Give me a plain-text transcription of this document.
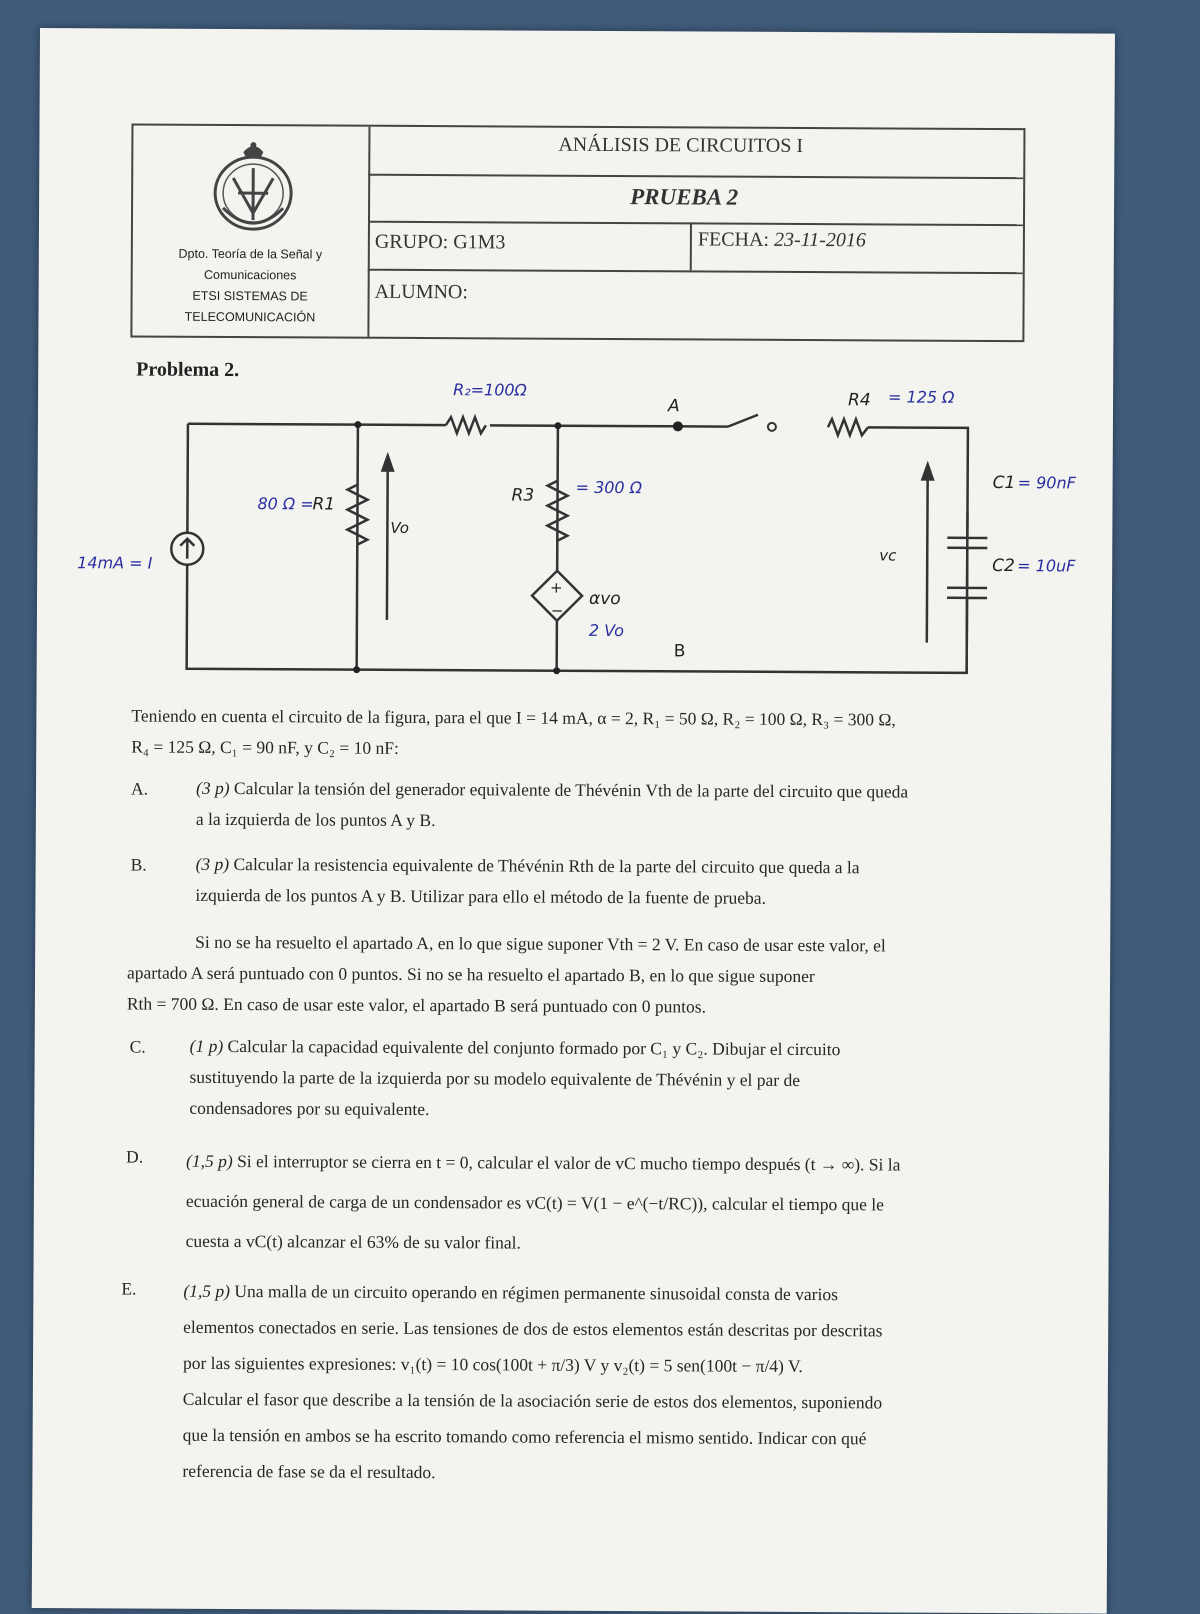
Dpto. Teoría de la Señal y
Comunicaciones
ETSI SISTEMAS DE
TELECOMUNICACIÓN
ANÁLISIS DE CIRCUITOS I
PRUEBA 2
GRUPO: G1M3	FECHA: 23-11-2016
ALUMNO:
Problema 2.
R1	R3
R4
C1
C2
Vo
vc
αvo
A
B
+
−
R₂=100Ω	= 125 Ω
80 Ω =
= 300 Ω	= 90nF
= 10uF
14mA = I
2 Vo
Teniendo en cuenta el circuito de la figura, para el que I = 14 mA, α = 2, R₁ = 50 Ω, R₂ = 100 Ω, R₃ = 300 Ω,
R₄ = 125 Ω, C₁ = 90 nF, y C₂ = 10 nF:
A.	(3 p) Calcular la tensión del generador equivalente de Thévénin Vth de la parte del circuito que queda
a la izquierda de los puntos A y B.
B.	(3 p) Calcular la resistencia equivalente de Thévénin Rth de la parte del circuito que queda a la
izquierda de los puntos A y B. Utilizar para ello el método de la fuente de prueba.
Si no se ha resuelto el apartado A, en lo que sigue suponer Vth = 2 V. En caso de usar este valor, el
apartado A será puntuado con 0 puntos. Si no se ha resuelto el apartado B, en lo que sigue suponer
Rth = 700 Ω. En caso de usar este valor, el apartado B será puntuado con 0 puntos.
C.	(1 p) Calcular la capacidad equivalente del conjunto formado por C₁ y C₂. Dibujar el circuito
sustituyendo la parte de la izquierda por su modelo equivalente de Thévénin y el par de
condensadores por su equivalente.
D. (1,5 p) Si el interruptor se cierra en t = 0, calcular el valor de vC mucho tiempo después (t → ∞). Si la
ecuación general de carga de un condensador es vC(t) = V(1 − e^(−t/RC)), calcular el tiempo que le
cuesta a vC(t) alcanzar el 63% de su valor final.
E.	(1,5 p) Una malla de un circuito operando en régimen permanente sinusoidal consta de varios
elementos conectados en serie. Las tensiones de dos de estos elementos están descritas por descritas
por las siguientes expresiones: v₁(t) = 10 cos(100t + π/3) V y v₂(t) = 5 sen(100t − π/4) V.
Calcular el fasor que describe a la tensión de la asociación serie de estos dos elementos, suponiendo
que la tensión en ambos se ha escrito tomando como referencia el mismo sentido. Indicar con qué
referencia de fase se da el resultado.
